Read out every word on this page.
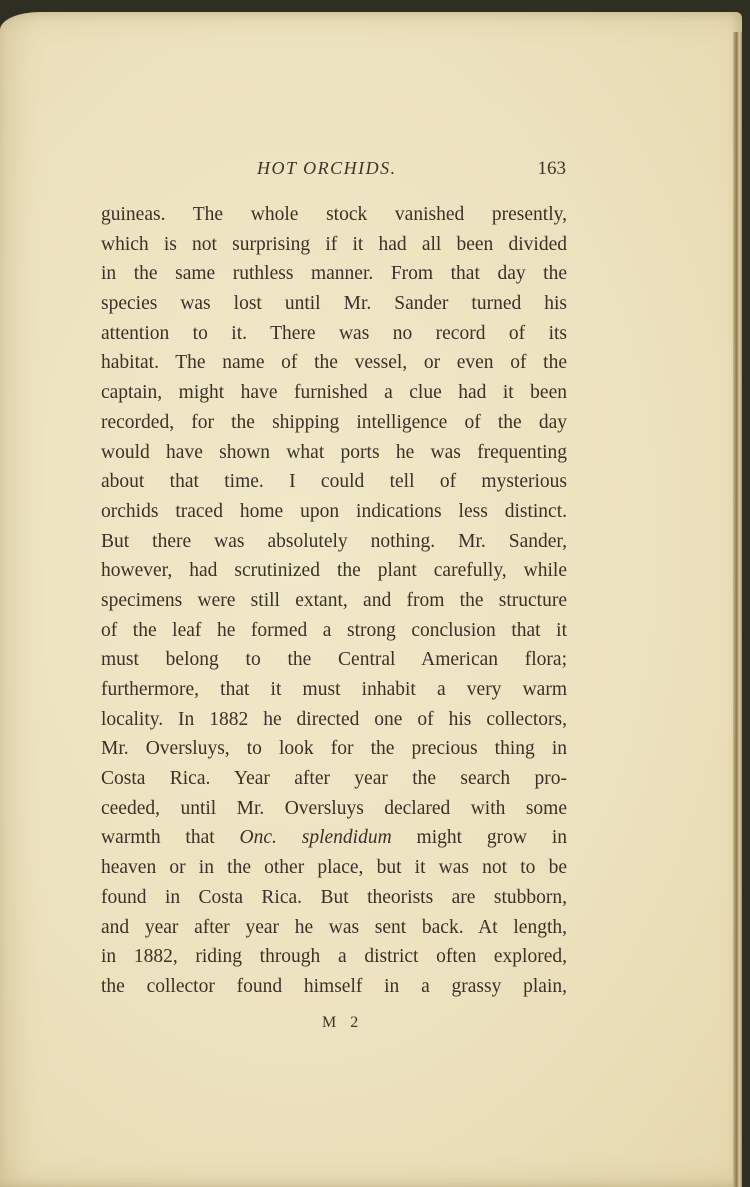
HOT ORCHIDS.	163
guineas. The whole stock vanished presently,
which is not surprising if it had all been divided
in the same ruthless manner. From that day the
species was lost until Mr. Sander turned his
attention to it. There was no record of its
habitat. The name of the vessel, or even of the
captain, might have furnished a clue had it been
recorded, for the shipping intelligence of the day
would have shown what ports he was frequenting
about that time. I could tell of mysterious
orchids traced home upon indications less distinct.
But there was absolutely nothing. Mr. Sander,
however, had scrutinized the plant carefully, while
specimens were still extant, and from the structure
of the leaf he formed a strong conclusion that it
must belong to the Central American flora;
furthermore, that it must inhabit a very warm
locality. In 1882 he directed one of his collectors,
Mr. Oversluys, to look for the precious thing in
Costa Rica. Year after year the search pro-
ceeded, until Mr. Oversluys declared with some
warmth that Onc. splendidum might grow in
heaven or in the other place, but it was not to be
found in Costa Rica. But theorists are stubborn,
and year after year he was sent back. At length,
in 1882, riding through a district often explored,
the collector found himself in a grassy plain,
M 2
